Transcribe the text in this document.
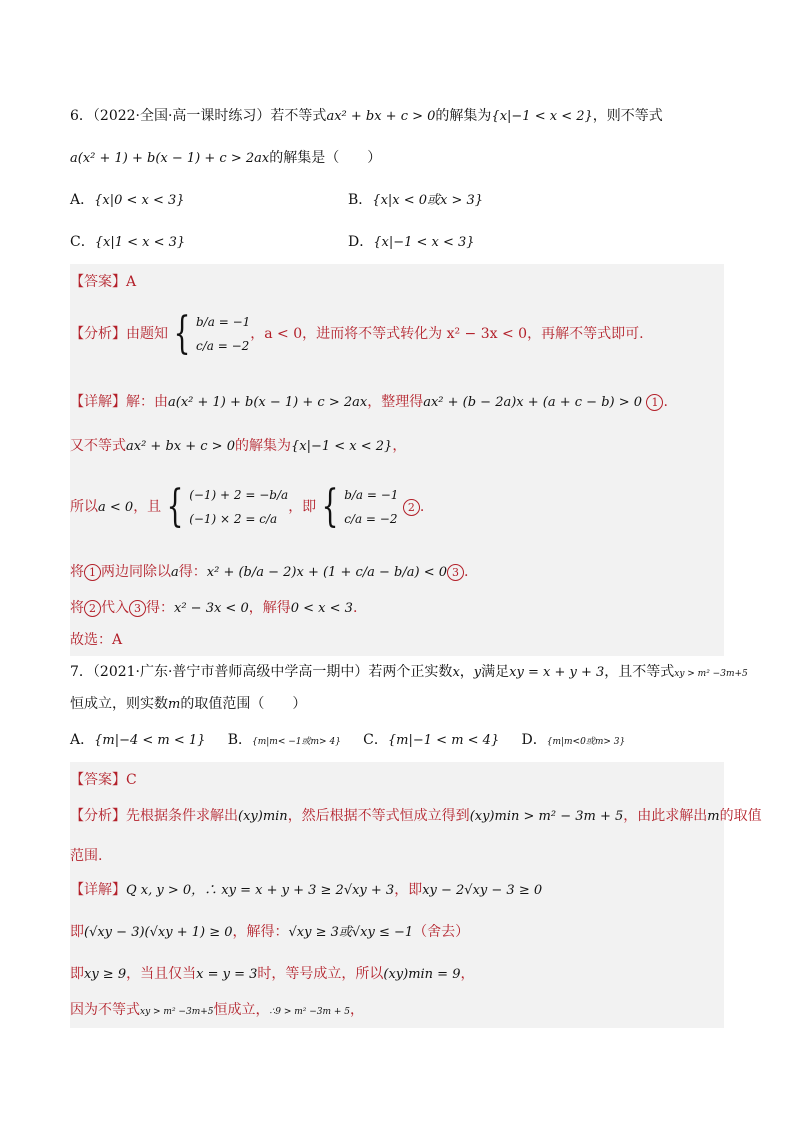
6．（2022·全国·高一课时练习）若不等式ax² + bx + c > 0的解集为{x|−1 < x < 2}，则不等式
a(x² + 1) + b(x − 1) + c > 2ax的解集是（　　）
A．{x|0 < x < 3}	B．{x|x < 0或x > 3}
C．{x|1 < x < 3}	D．{x|−1 < x < 3}
【答案】A
【分析】由题知 { b/a = −1
c/a = −2
，a < 0，进而将不等式转化为 x² − 3x < 0，再解不等式即可.
【详解】解：由a(x² + 1) + b(x − 1) + c > 2ax，整理得ax² + (b − 2a)x + (a + c − b) > 0 1 .
又不等式ax² + bx + c > 0的解集为{x|−1 < x < 2}，
所以a < 0，且 { (−1) + 2 = −b/a
(−1) × 2 = c/a
，即 { b/a = −1
c/a = −2
2 .
将 1 两边同除以a得：x² + (b/a − 2)x + (1 + c/a − b/a) < 0 3 .
将 2 代入 3 得：x² − 3x < 0，解得0 < x < 3.
故选：A
7．（2021·广东·普宁市普师高级中学高一期中）若两个正实数x，y满足xy = x + y + 3，且不等式xy > m² −3m+5
恒成立，则实数m的取值范围（　　）
A．{m|−4 < m < 1} B．{m|m< −1或m> 4} C．{m|−1 < m < 4} D．{m|m<0或m> 3}
【答案】C
【分析】先根据条件求解出(xy)min，然后根据不等式恒成立得到(xy)min > m² − 3m + 5，由此求解出m的取值
范围.
【详解】Q x, y > 0，∴ xy = x + y + 3 ≥ 2√xy + 3，即xy − 2√xy − 3 ≥ 0
即(√xy − 3)(√xy + 1) ≥ 0，解得：√xy ≥ 3或√xy ≤ −1（舍去）
即xy ≥ 9，当且仅当x = y = 3时，等号成立，所以(xy)min = 9，
因为不等式xy > m² −3m+5恒成立，∴9 > m² −3m + 5，
